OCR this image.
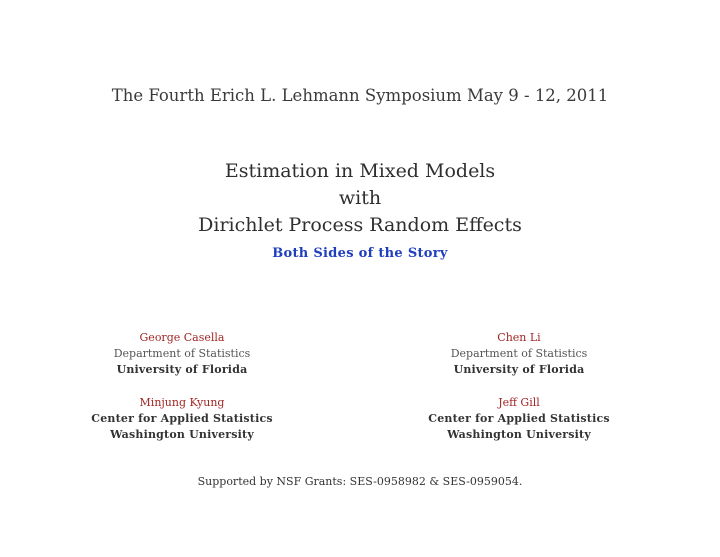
The Fourth Erich L. Lehmann Symposium May 9 - 12, 2011
Estimation in Mixed Models
with
Dirichlet Process Random Effects
Both Sides of the Story
George Casella
Department of Statistics
University of Florida
Chen Li
Department of Statistics
University of Florida
Minjung Kyung
Center for Applied Statistics
Washington University
Jeff Gill
Center for Applied Statistics
Washington University
Supported by NSF Grants: SES-0958982 & SES-0959054.
